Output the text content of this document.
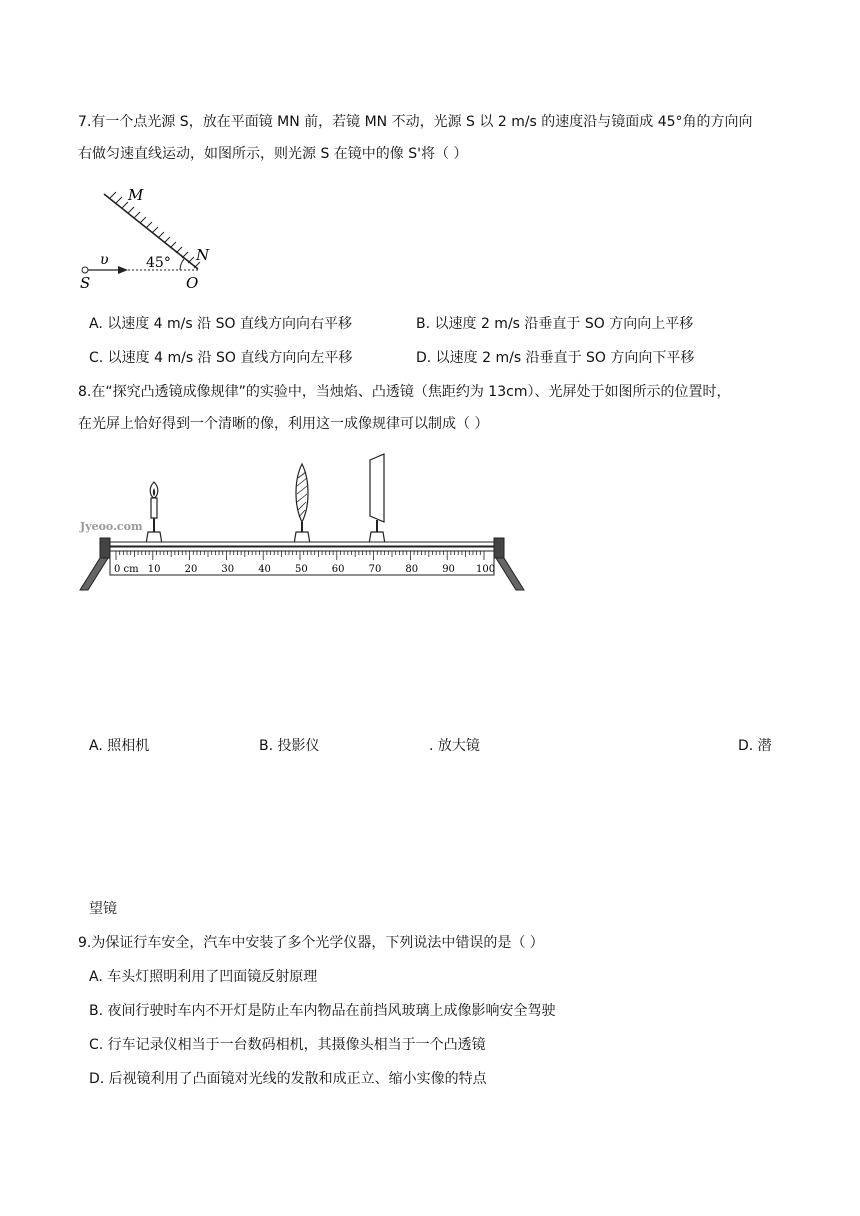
7.有一个点光源 S，放在平面镜 MN 前，若镜 MN 不动，光源 S 以 2 m/s 的速度沿与镜面成 45°角的方向向
右做匀速直线运动，如图所示，则光源 S 在镜中的像 S'将（ ）
M
N
S	O
υ	45°
A. 以速度 4 m/s 沿 SO 直线方向向右平移	B. 以速度 2 m/s 沿垂直于 SO 方向向上平移
C. 以速度 4 m/s 沿 SO 直线方向向左平移	D. 以速度 2 m/s 沿垂直于 SO 方向向下平移
8.在“探究凸透镜成像规律”的实验中，当烛焰、凸透镜（焦距约为 13cm）、光屏处于如图所示的位置时，
在光屏上恰好得到一个清晰的像，利用这一成像规律可以制成（ ）
Jyeoo.com
0 cm 10 20 30 40 50 60 70 80 90 100
A. 照相机	B. 投影仪	. 放大镜	D. 潜
望镜
9.为保证行车安全，汽车中安装了多个光学仪器，下列说法中错误的是（ ）
A. 车头灯照明利用了凹面镜反射原理
B. 夜间行驶时车内不开灯是防止车内物品在前挡风玻璃上成像影响安全驾驶
C. 行车记录仪相当于一台数码相机，其摄像头相当于一个凸透镜
D. 后视镜利用了凸面镜对光线的发散和成正立、缩小实像的特点
